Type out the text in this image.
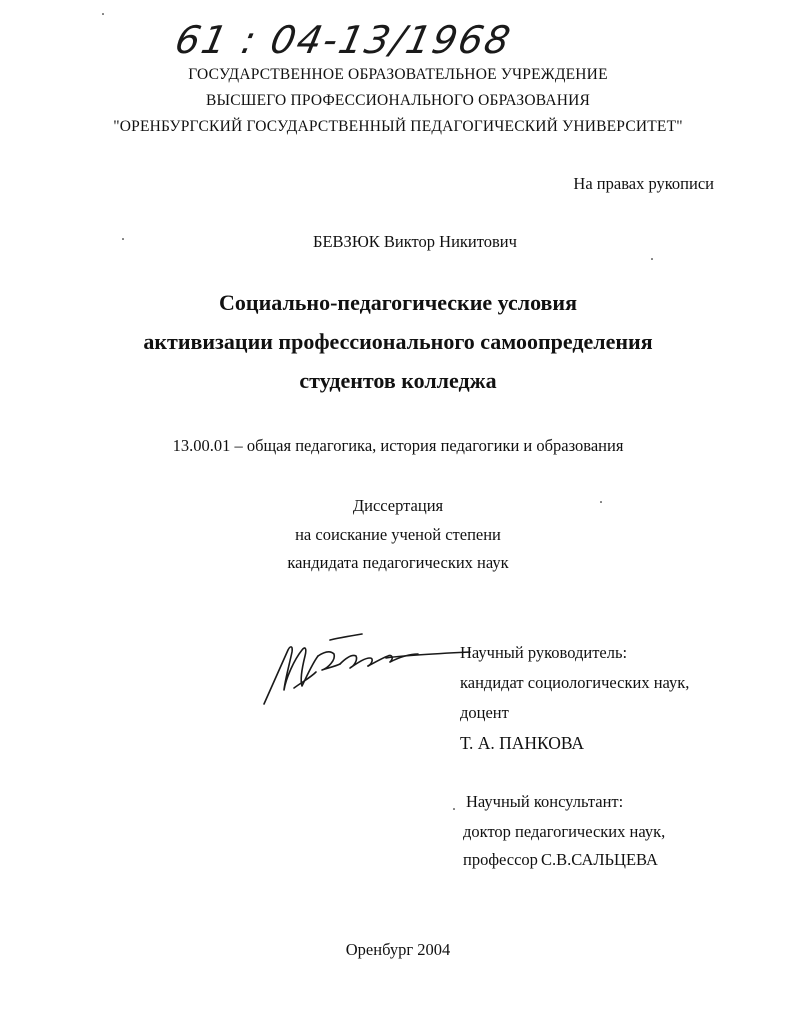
61 : 04-13/1968
ГОСУДАРСТВЕННОЕ ОБРАЗОВАТЕЛЬНОЕ УЧРЕЖДЕНИЕ
ВЫСШЕГО ПРОФЕССИОНАЛЬНОГО ОБРАЗОВАНИЯ
"ОРЕНБУРГСКИЙ ГОСУДАРСТВЕННЫЙ ПЕДАГОГИЧЕСКИЙ УНИВЕРСИТЕТ"
На правах рукописи
БЕВЗЮК Виктор Никитович
Социально-педагогические условия
активизации профессионального самоопределения
студентов колледжа
13.00.01 – общая педагогика, история педагогики и образования
Диссертация
на соискание ученой степени
кандидата педагогических наук
Научный руководитель:
кандидат социологических наук,
доцент
Т. А. ПАНКОВА
Научный консультант:
доктор педагогических наук,
профессор С.В.САЛЬЦЕВА
Оренбург 2004
